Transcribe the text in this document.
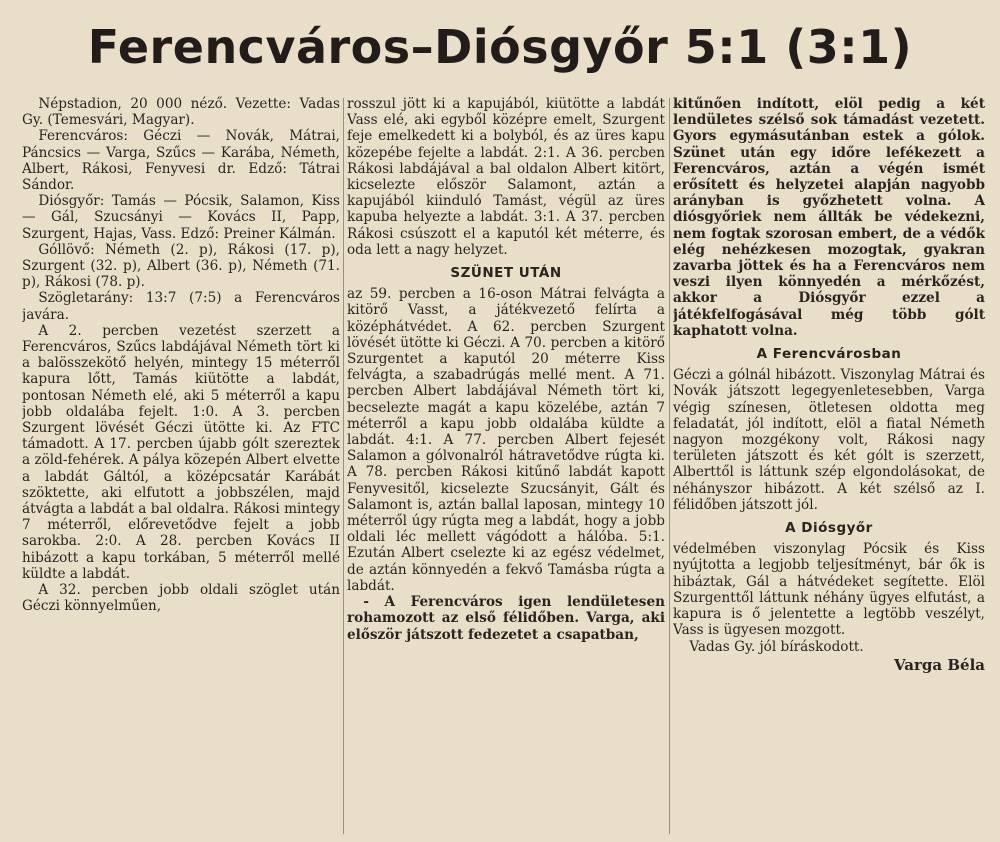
Ferencváros–Diósgyőr 5:1 (3:1)

Népstadion, 20 000 néző. Vezette: Vadas Gy. (Temesvári, Magyar).

Ferencváros: Géczi — Novák, Mátrai, Páncsics — Varga, Szűcs — Karába, Németh, Albert, Rákosi, Fenyvesi dr. Edző: Tátrai Sándor.

Diósgyőr: Tamás — Pócsik, Salamon, Kiss — Gál, Szucsányi — Kovács II, Papp, Szurgent, Hajas, Vass. Edző: Preiner Kálmán.

Góllövő: Németh (2. p), Rákosi (17. p), Szurgent (32. p), Albert (36. p), Németh (71. p), Rákosi (78. p).

Szögletarány: 13:7 (7:5) a Ferencváros javára.

A 2. percben vezetést szerzett a Ferencváros, Szűcs labdájával Németh tört ki a balösszekötő helyén, mintegy 15 méterről kapura lőtt, Tamás kiütötte a labdát, pontosan Németh elé, aki 5 méterről a kapu jobb oldalába fejelt. 1:0. A 3. percben Szurgent lövését Géczi ütötte ki. Az FTC támadott. A 17. percben újabb gólt szereztek a zöld-fehérek. A pálya közepén Albert elvette a labdát Gáltól, a középcsatár Karábát szöktette, aki elfutott a jobbszélen, majd átvágta a labdát a bal oldalra. Rákosi mintegy 7 méterről, előrevetődve fejelt a jobb sarokba. 2:0. A 28. percben Kovács II hibázott a kapu torkában, 5 méterről mellé küldte a labdát.

A 32. percben jobb oldali szöglet után Géczi könnyelműen,

rosszul jött ki a kapujából, kiütötte a labdát Vass elé, aki egyből középre emelt, Szurgent feje emelkedett ki a bolyból, és az üres kapu közepébe fejelte a labdát. 2:1. A 36. percben Rákosi labdájával a bal oldalon Albert kitört, kicselezte először Salamont, aztán a kapujából kiinduló Tamást, végül az üres kapuba helyezte a labdát. 3:1. A 37. percben Rákosi csúszott el a kaputól két méterre, és oda lett a nagy helyzet.

SZÜNET UTÁN

az 59. percben a 16-oson Mátrai felvágta a kitörő Vasst, a játékvezető felírta a középhátvédet. A 62. percben Szurgent lövését ütötte ki Géczi. A 70. percben a kitörő Szurgentet a kaputól 20 méterre Kiss felvágta, a szabadrúgás mellé ment. A 71. percben Albert labdájával Németh tört ki, becselezte magát a kapu közelébe, aztán 7 méterről a kapu jobb oldalába küldte a labdát. 4:1. A 77. percben Albert fejesét Salamon a gólvonalról hátravetődve rúgta ki. A 78. percben Rákosi kitűnő labdát kapott Fenyvesitől, kicselezte Szucsányit, Gált és Salamont is, aztán ballal laposan, mintegy 10 méterről úgy rúgta meg a labdát, hogy a jobb oldali léc mellett vágódott a hálóba. 5:1. Ezután Albert cselezte ki az egész védelmet, de aztán könnyedén a fekvő Tamásba rúgta a labdát.

- A Ferencváros igen lendületesen rohamozott az első félidőben. Varga, aki először játszott fedezetet a csapatban,

kitűnően indított, elöl pedig a két lendületes szélső sok támadást vezetett. Gyors egymásutánban estek a gólok. Szünet után egy időre lefékezett a Ferencváros, aztán a végén ismét erősített és helyzetei alapján nagyobb arányban is győzhetett volna. A diósgyőriek nem állták be védekezni, nem fogtak szorosan embert, de a védők elég nehézkesen mozogtak, gyakran zavarba jöttek és ha a Ferencváros nem veszi ilyen könnyedén a mérkőzést, akkor a Diósgyőr ezzel a játékfelfogásával még több gólt kaphatott volna.

A Ferencvárosban

Géczi a gólnál hibázott. Viszonylag Mátrai és Novák játszott legegyenletesebben, Varga végig színesen, ötletesen oldotta meg feladatát, jól indított, elöl a fiatal Németh nagyon mozgékony volt, Rákosi nagy területen játszott és két gólt is szerzett, Alberttől is láttunk szép elgondolásokat, de néhányszor hibázott. A két szélső az I. félidőben játszott jól.

A Diósgyőr

védelmében viszonylag Pócsik és Kiss nyújtotta a legjobb teljesítményt, bár ők is hibáztak, Gál a hátvédeket segítette. Elöl Szurgenttől láttunk néhány ügyes elfutást, a kapura is ő jelentette a legtöbb veszélyt, Vass is ügyesen mozgott.

Vadas Gy. jól bíráskodott.

Varga Béla
